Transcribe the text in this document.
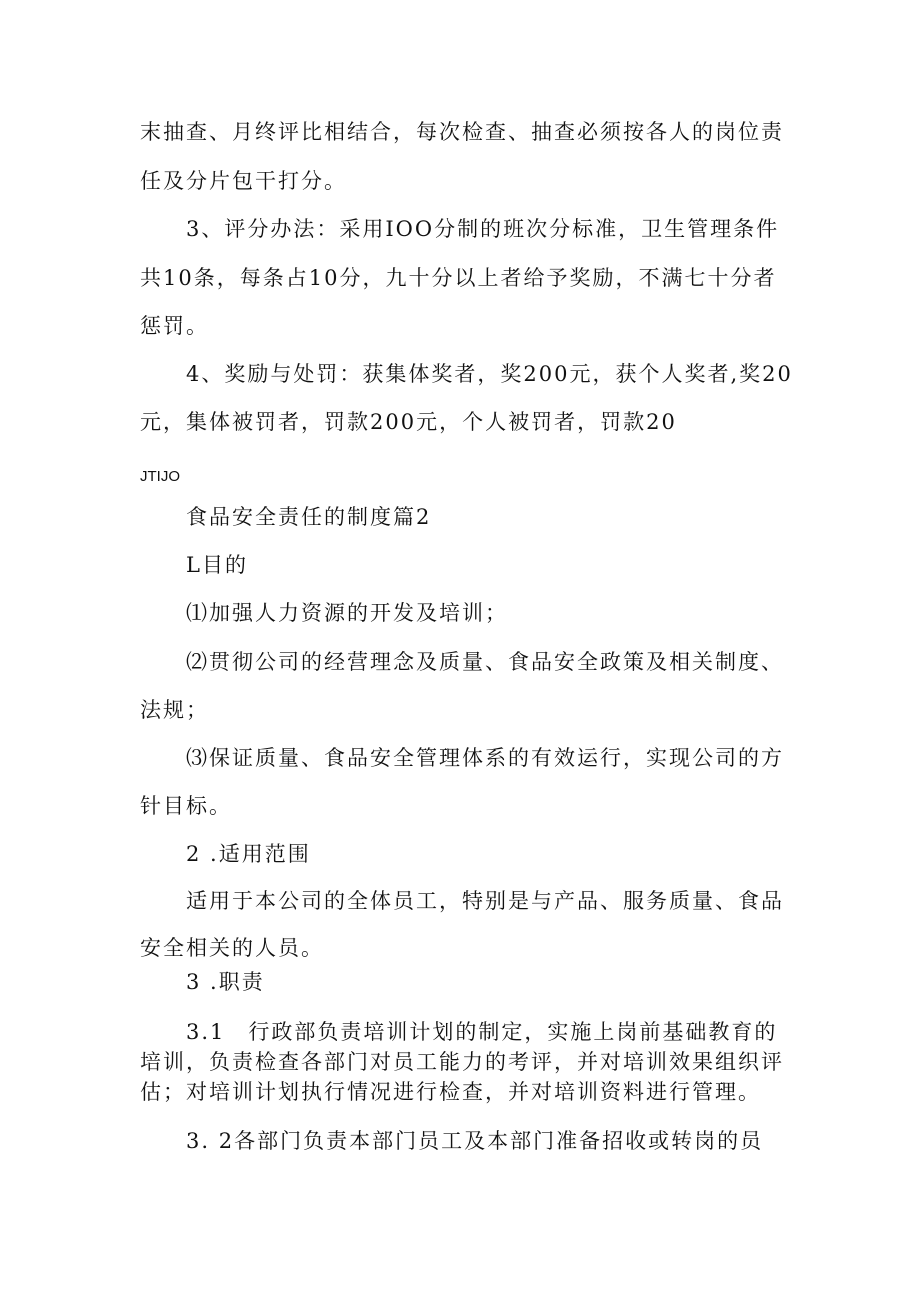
末抽查、月终评比相结合，每次检查、抽查必须按各人的岗位责
任及分片包干打分。
3、评分办法：采用IOO分制的班次分标准，卫生管理条件
共10条，每条占10分，九十分以上者给予奖励，不满七十分者
惩罚。
4、奖励与处罚：获集体奖者，奖200元，获个人奖者,奖20
元，集体被罚者，罚款200元，个人被罚者，罚款20
JTIJO
食品安全责任的制度篇2
L目的
⑴加强人力资源的开发及培训；
⑵贯彻公司的经营理念及质量、食品安全政策及相关制度、
法规；
⑶保证质量、食品安全管理体系的有效运行，实现公司的方
针目标。
2 .适用范围
适用于本公司的全体员工，特别是与产品、服务质量、食品
安全相关的人员。
3 .职责
3.1　行政部负责培训计划的制定，实施上岗前基础教育的
培训，负责检查各部门对员工能力的考评，并对培训效果组织评
估；对培训计划执行情况进行检查，并对培训资料进行管理。
3. 2各部门负责本部门员工及本部门准备招收或转岗的员
